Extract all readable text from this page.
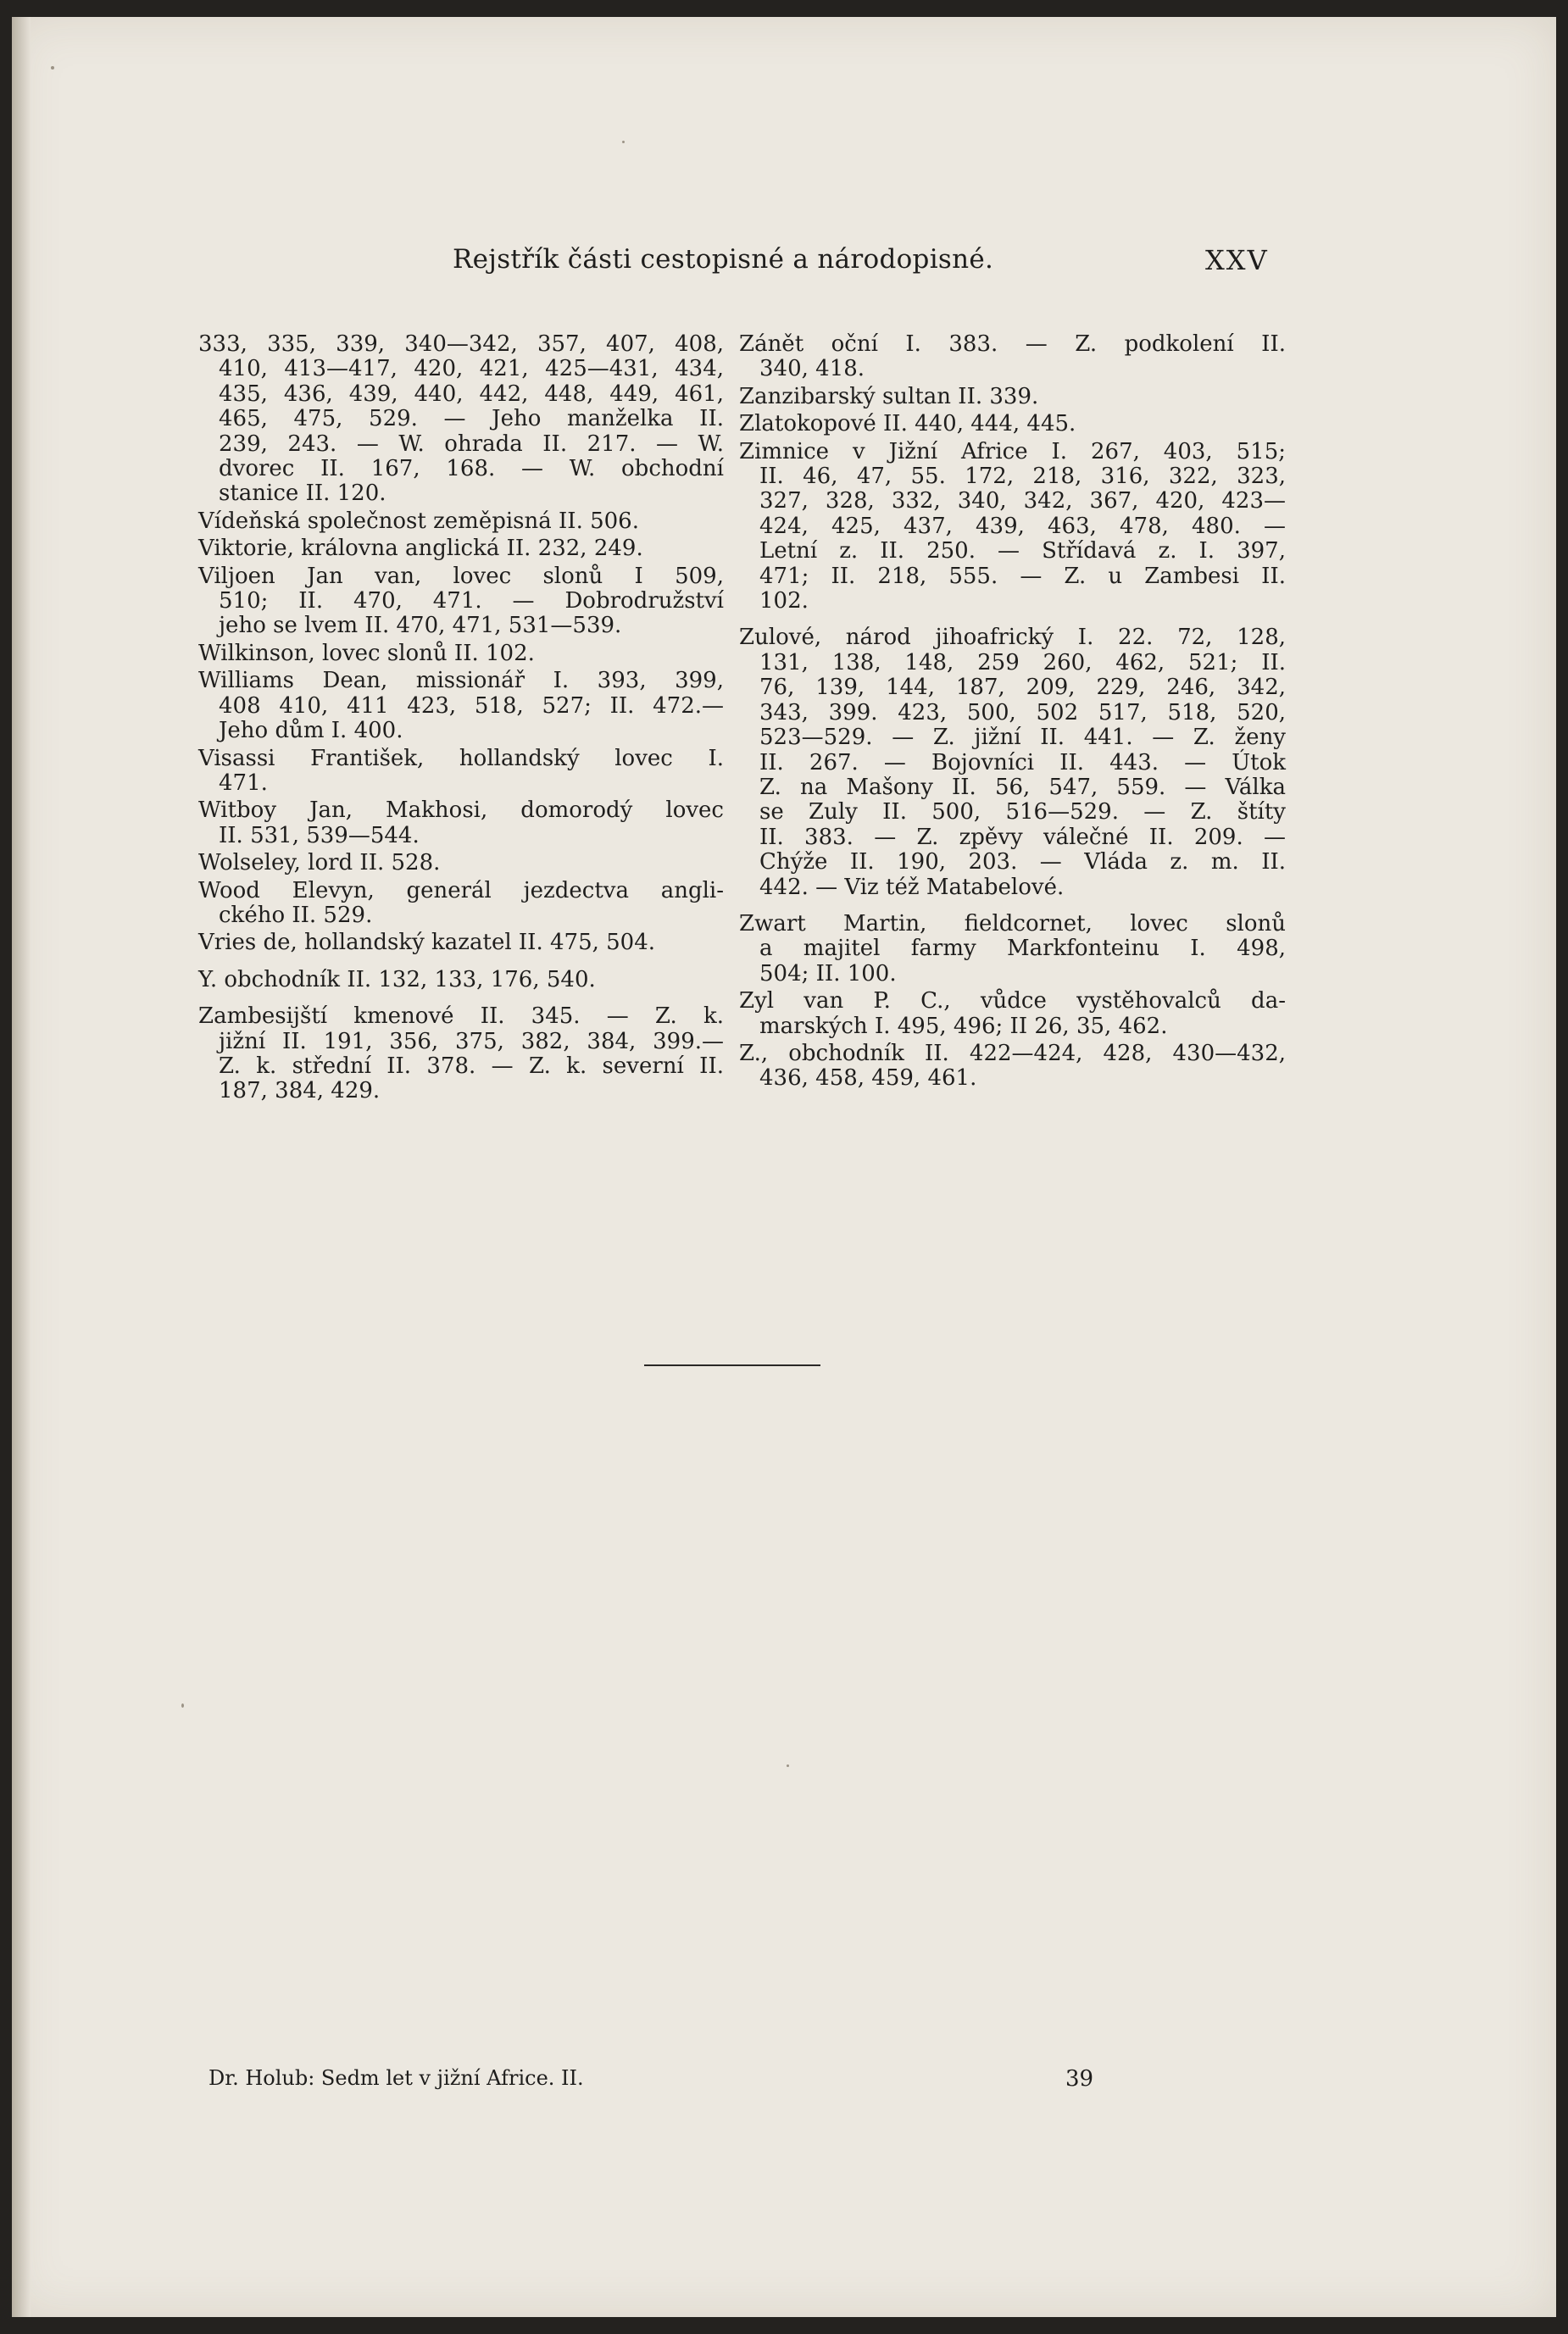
Rejstřík části cestopisné a národopisné.	XXV
333, 335, 339, 340—342, 357, 407, 408,
410, 413—417, 420, 421, 425—431, 434,
435, 436, 439, 440, 442, 448, 449, 461,
465, 475, 529. — Jeho manželka II.
239, 243. — W. ohrada II. 217. — W.
dvorec II. 167, 168. — W. obchodní
stanice II. 120.
Vídeňská společnost zeměpisná II. 506.
Viktorie, královna anglická II. 232, 249.
Viljoen Jan van, lovec slonů I 509,
510; II. 470, 471. — Dobrodružství
jeho se lvem II. 470, 471, 531—539.
Wilkinson, lovec slonů II. 102.
Williams Dean, missionář I. 393, 399,
408 410, 411 423, 518, 527; II. 472.—
Jeho dům I. 400.
Visassi František, hollandský lovec I.
471.
Witboy Jan, Makhosi, domorodý lovec
II. 531, 539—544.
Wolseley, lord II. 528.
Wood Elevyn, generál jezdectva angli-
ckého II. 529.
Vries de, hollandský kazatel II. 475, 504.
Y. obchodník II. 132, 133, 176, 540.
Zambesijští kmenové II. 345. — Z. k.
jižní II. 191, 356, 375, 382, 384, 399.—
Z. k. střední II. 378. — Z. k. severní II.
187, 384, 429.
Zánět oční I. 383. — Z. podkolení II.
340, 418.
Zanzibarský sultan II. 339.
Zlatokopové II. 440, 444, 445.
Zimnice v Jižní Africe I. 267, 403, 515;
II. 46, 47, 55. 172, 218, 316, 322, 323,
327, 328, 332, 340, 342, 367, 420, 423—
424, 425, 437, 439, 463, 478, 480. —
Letní z. II. 250. — Střídavá z. I. 397,
471; II. 218, 555. — Z. u Zambesi II.
102.
Zulové, národ jihoafrický I. 22. 72, 128,
131, 138, 148, 259 260, 462, 521; II.
76, 139, 144, 187, 209, 229, 246, 342,
343, 399. 423, 500, 502 517, 518, 520,
523—529. — Z. jižní II. 441. — Z. ženy
II. 267. — Bojovníci II. 443. — Útok
Z. na Mašony II. 56, 547, 559. — Válka
se Zuly II. 500, 516—529. — Z. štíty
II. 383. — Z. zpěvy válečné II. 209. —
Chýže II. 190, 203. — Vláda z. m. II.
442. — Viz též Matabelové.
Zwart Martin, fieldcornet, lovec slonů
a majitel farmy Markfonteinu I. 498,
504; II. 100.
Zyl van P. C., vůdce vystěhovalců da-
marských I. 495, 496; II 26, 35, 462.
Z., obchodník II. 422—424, 428, 430—432,
436, 458, 459, 461.
Dr. Holub: Sedm let v jižní Africe. II.	39
